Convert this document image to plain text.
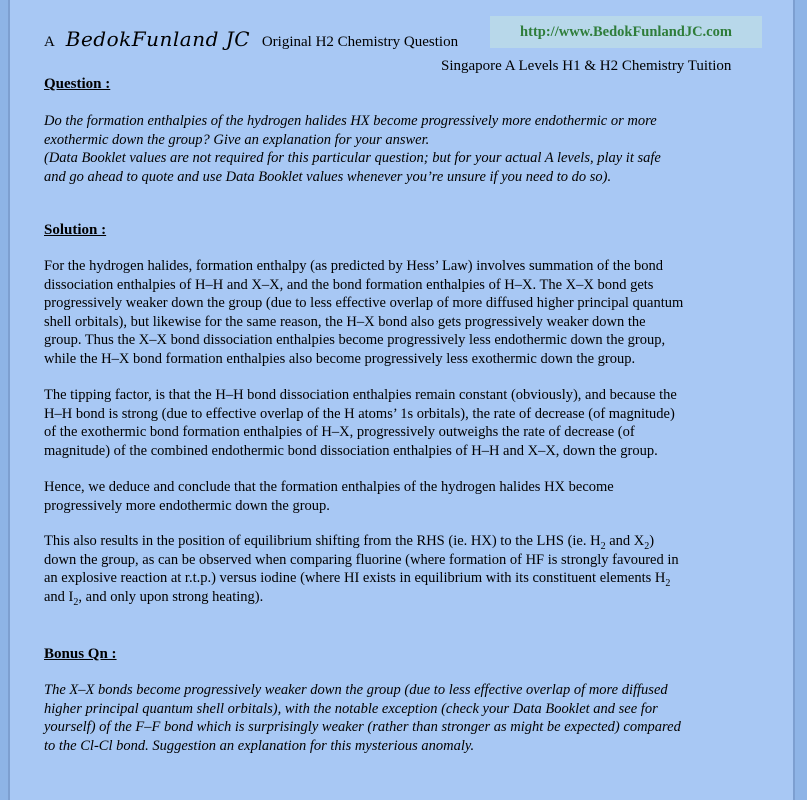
A BedokFunland JC Original H2 Chemistry Question
http://www.BedokFunlandJC.com
Singapore A Levels H1 & H2 Chemistry Tuition
Question :

Do the formation enthalpies of the hydrogen halides HX become progressively more endothermic or more

exothermic down the group? Give an explanation for your answer.

(Data Booklet values are not required for this particular question; but for your actual A levels, play it safe

and go ahead to quote and use Data Booklet values whenever you’re unsure if you need to do so).

Solution :

For the hydrogen halides, formation enthalpy (as predicted by Hess’ Law) involves summation of the bond

dissociation enthalpies of H–H and X–X, and the bond formation enthalpies of H–X. The X–X bond gets

progressively weaker down the group (due to less effective overlap of more diffused higher principal quantum

shell orbitals), but likewise for the same reason, the H–X bond also gets progressively weaker down the

group. Thus the X–X bond dissociation enthalpies become progressively less endothermic down the group,

while the H–X bond formation enthalpies also become progressively less exothermic down the group.

The tipping factor, is that the H–H bond dissociation enthalpies remain constant (obviously), and because the

H–H bond is strong (due to effective overlap of the H atoms’ 1s orbitals), the rate of decrease (of magnitude)

of the exothermic bond formation enthalpies of H–X, progressively outweighs the rate of decrease (of

magnitude) of the combined endothermic bond dissociation enthalpies of H–H and X–X, down the group.

Hence, we deduce and conclude that the formation enthalpies of the hydrogen halides HX become

progressively more endothermic down the group.

This also results in the position of equilibrium shifting from the RHS (ie. HX) to the LHS (ie. $H_2$ and $X_2$)

down the group, as can be observed when comparing fluorine (where formation of HF is strongly favoured in

an explosive reaction at r.t.p.) versus iodine (where HI exists in equilibrium with its constituent elements $H_2$

and $I_2$, and only upon strong heating).

Bonus Qn :

The X–X bonds become progressively weaker down the group (due to less effective overlap of more diffused

higher principal quantum shell orbitals), with the notable exception (check your Data Booklet and see for

yourself) of the F–F bond which is surprisingly weaker (rather than stronger as might be expected) compared

to the Cl-Cl bond. Suggestion an explanation for this mysterious anomaly.
